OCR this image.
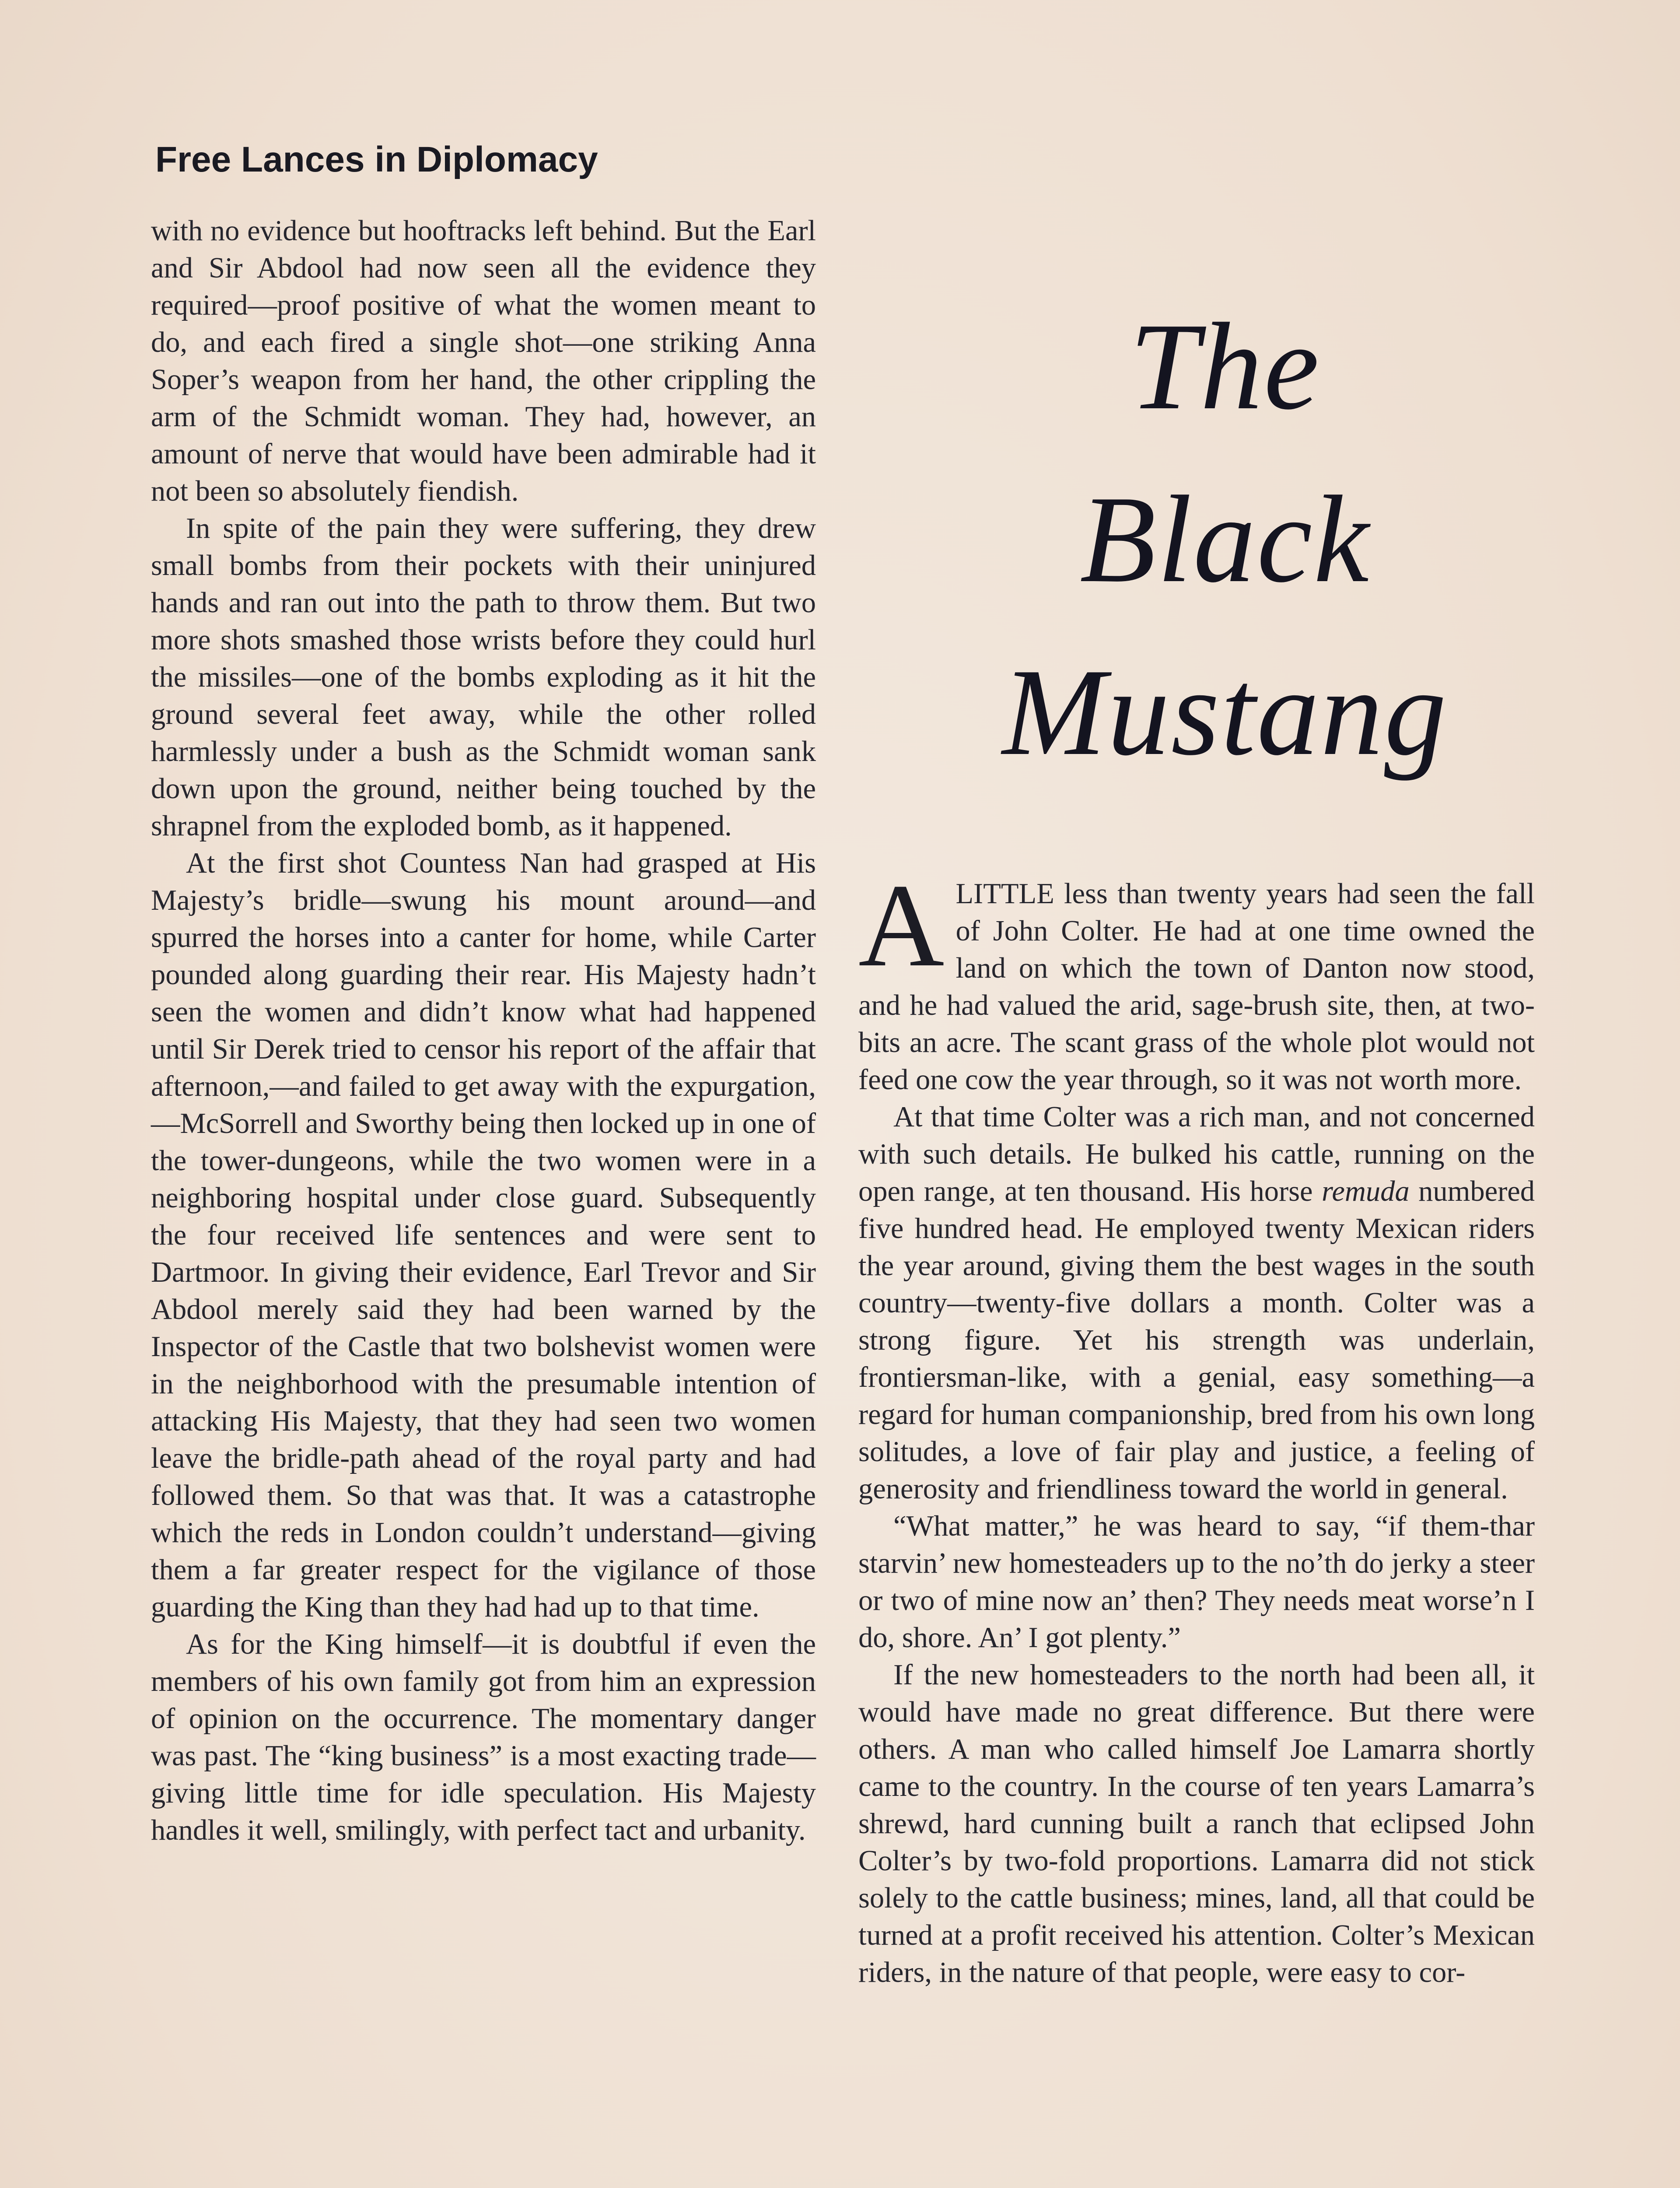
Free Lances in Diplomacy

with no evidence but hooftracks left behind. But the Earl and Sir Abdool had now seen all the evidence they required—proof positive of what the women meant to do, and each fired a single shot—one striking Anna Soper’s weapon from her hand, the other crippling the arm of the Schmidt woman. They had, however, an amount of nerve that would have been admirable had it not been so absolutely fiendish.

In spite of the pain they were suffering, they drew small bombs from their pockets with their uninjured hands and ran out into the path to throw them. But two more shots smashed those wrists before they could hurl the missiles—one of the bombs exploding as it hit the ground several feet away, while the other rolled harmlessly under a bush as the Schmidt woman sank down upon the ground, neither being touched by the shrapnel from the exploded bomb, as it happened.

At the first shot Countess Nan had grasped at His Majesty’s bridle—swung his mount around—and spurred the horses into a canter for home, while Carter pounded along guarding their rear. His Majesty hadn’t seen the women and didn’t know what had happened until Sir Derek tried to censor his report of the affair that afternoon,—and failed to get away with the expurgation,—McSorrell and Sworthy being then locked up in one of the tower-dungeons, while the two women were in a neighboring hospital under close guard. Subsequently the four received life sentences and were sent to Dartmoor. In giving their evidence, Earl Trevor and Sir Abdool merely said they had been warned by the Inspector of the Castle that two bolshevist women were in the neighborhood with the presumable intention of attacking His Majesty, that they had seen two women leave the bridle-path ahead of the royal party and had followed them. So that was that. It was a catastrophe which the reds in London couldn’t understand—giving them a far greater respect for the vigilance of those guarding the King than they had had up to that time.

As for the King himself—it is doubtful if even the members of his own family got from him an expression of opinion on the occurrence. The momentary danger was past. The “king business” is a most exacting trade—giving little time for idle speculation. His Majesty handles it well, smilingly, with perfect tact and urbanity.

The
Black
Mustang

ALITTLE less than twenty years had seen the fall of John Colter. He had at one time owned the land on which the town of Danton now stood, and he had valued the arid, sage-brush site, then, at two-bits an acre. The scant grass of the whole plot would not feed one cow the year through, so it was not worth more.

At that time Colter was a rich man, and not concerned with such details. He bulked his cattle, running on the open range, at ten thousand. His horse remuda numbered five hundred head. He employed twenty Mexican riders the year around, giving them the best wages in the south country—twenty-five dollars a month. Colter was a strong figure. Yet his strength was underlain, frontiersman-like, with a genial, easy something—a regard for human companionship, bred from his own long solitudes, a love of fair play and justice, a feeling of generosity and friendliness toward the world in general.

“What matter,” he was heard to say, “if them-thar starvin’ new homesteaders up to the no’th do jerky a steer or two of mine now an’ then? They needs meat worse’n I do, shore. An’ I got plenty.”

If the new homesteaders to the north had been all, it would have made no great difference. But there were others. A man who called himself Joe Lamarra shortly came to the country. In the course of ten years Lamarra’s shrewd, hard cunning built a ranch that eclipsed John Colter’s by two-fold proportions. Lamarra did not stick solely to the cattle business; mines, land, all that could be turned at a profit received his attention. Colter’s Mexican riders, in the nature of that people, were easy to cor-
